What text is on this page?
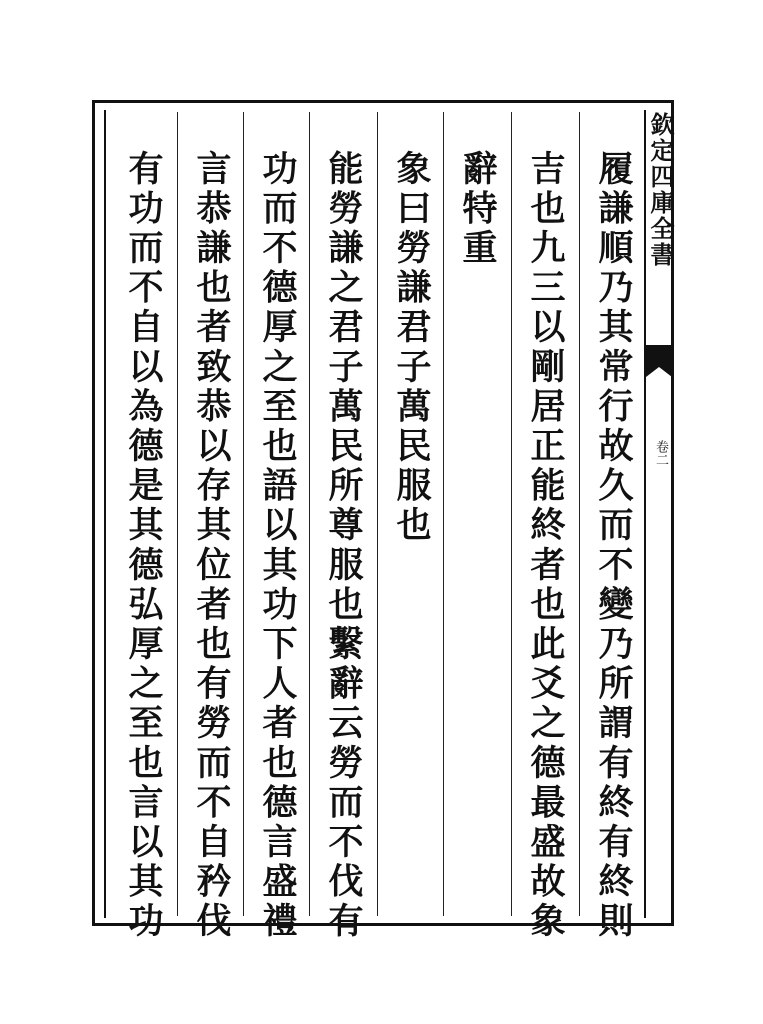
欽定四庫全書
卷二
履謙順乃其常行故久而不變乃所謂有終有終則
吉也九三以剛居正能終者也此爻之德最盛故象
辭特重
象曰勞謙君子萬民服也
能勞謙之君子萬民所尊服也繫辭云勞而不伐有
功而不德厚之至也語以其功下人者也德言盛禮
言恭謙也者致恭以存其位者也有勞而不自矜伐
有功而不自以為德是其德弘厚之至也言以其功
